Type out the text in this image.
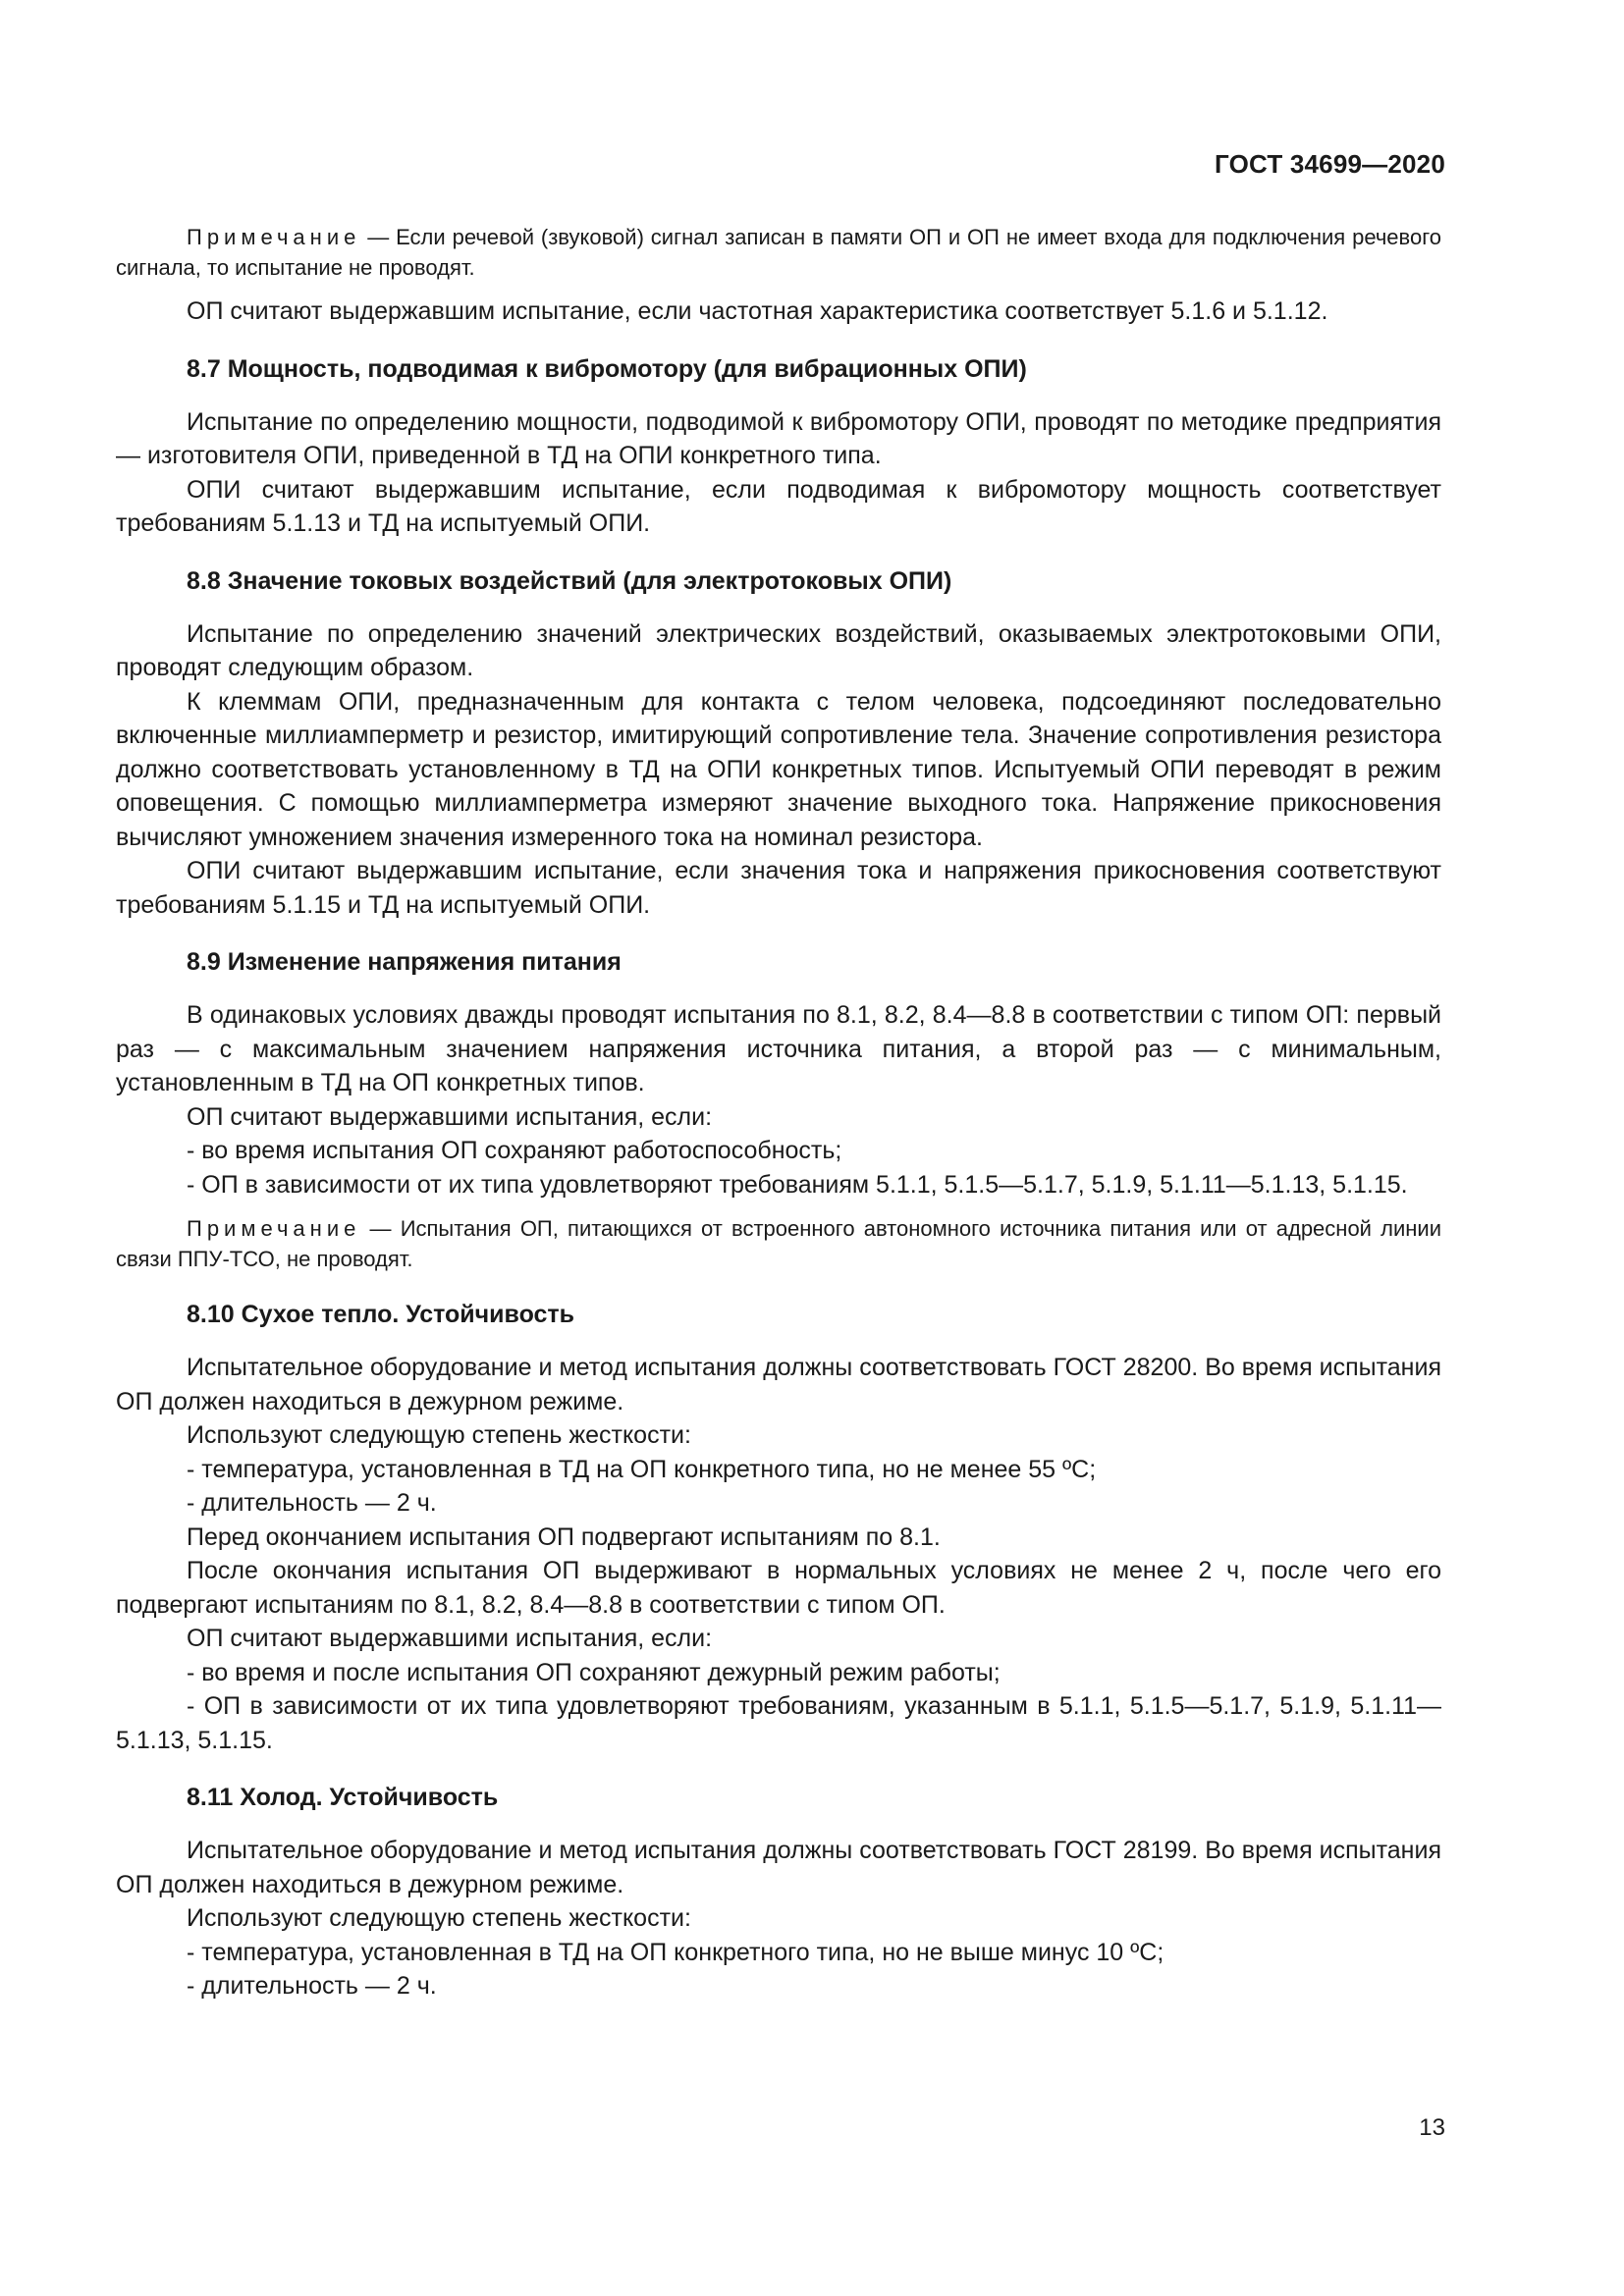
ГОСТ 34699—2020

Примечание — Если речевой (звуковой) сигнал записан в памяти ОП и ОП не имеет входа для подключения речевого сигнала, то испытание не проводят.

ОП считают выдержавшим испытание, если частотная характеристика соответствует 5.1.6 и 5.1.12.

8.7 Мощность, подводимая к вибромотору (для вибрационных ОПИ)

Испытание по определению мощности, подводимой к вибромотору ОПИ, проводят по методике предприятия — изготовителя ОПИ, приведенной в ТД на ОПИ конкретного типа.

ОПИ считают выдержавшим испытание, если подводимая к вибромотору мощность соответствует требованиям 5.1.13 и ТД на испытуемый ОПИ.

8.8 Значение токовых воздействий (для электротоковых ОПИ)

Испытание по определению значений электрических воздействий, оказываемых электротоковыми ОПИ, проводят следующим образом.

К клеммам ОПИ, предназначенным для контакта с телом человека, подсоединяют последовательно включенные миллиамперметр и резистор, имитирующий сопротивление тела. Значение сопротивления резистора должно соответствовать установленному в ТД на ОПИ конкретных типов. Испытуемый ОПИ переводят в режим оповещения. С помощью миллиамперметра измеряют значение выходного тока. Напряжение прикосновения вычисляют умножением значения измеренного тока на номинал резистора.

ОПИ считают выдержавшим испытание, если значения тока и напряжения прикосновения соответствуют требованиям 5.1.15 и ТД на испытуемый ОПИ.

8.9 Изменение напряжения питания

В одинаковых условиях дважды проводят испытания по 8.1, 8.2, 8.4—8.8 в соответствии с типом ОП: первый раз — с максимальным значением напряжения источника питания, а второй раз — с минимальным, установленным в ТД на ОП конкретных типов.

ОП считают выдержавшими испытания, если:

- во время испытания ОП сохраняют работоспособность;

- ОП в зависимости от их типа удовлетворяют требованиям 5.1.1, 5.1.5—5.1.7, 5.1.9, 5.1.11—5.1.13, 5.1.15.

Примечание — Испытания ОП, питающихся от встроенного автономного источника питания или от адресной линии связи ППУ-ТСО, не проводят.

8.10 Сухое тепло. Устойчивость

Испытательное оборудование и метод испытания должны соответствовать ГОСТ 28200. Во время испытания ОП должен находиться в дежурном режиме.

Используют следующую степень жесткости:

- температура, установленная в ТД на ОП конкретного типа, но не менее 55 ºС;

- длительность — 2 ч.

Перед окончанием испытания ОП подвергают испытаниям по 8.1.

После окончания испытания ОП выдерживают в нормальных условиях не менее 2 ч, после чего его подвергают испытаниям по 8.1, 8.2, 8.4—8.8 в соответствии с типом ОП.

ОП считают выдержавшими испытания, если:

- во время и после испытания ОП сохраняют дежурный режим работы;

- ОП в зависимости от их типа удовлетворяют требованиям, указанным в 5.1.1, 5.1.5—5.1.7, 5.1.9, 5.1.11—5.1.13, 5.1.15.

8.11 Холод. Устойчивость

Испытательное оборудование и метод испытания должны соответствовать ГОСТ 28199. Во время испытания ОП должен находиться в дежурном режиме.

Используют следующую степень жесткости:

- температура, установленная в ТД на ОП конкретного типа, но не выше минус 10 ºС;

- длительность — 2 ч.

13
